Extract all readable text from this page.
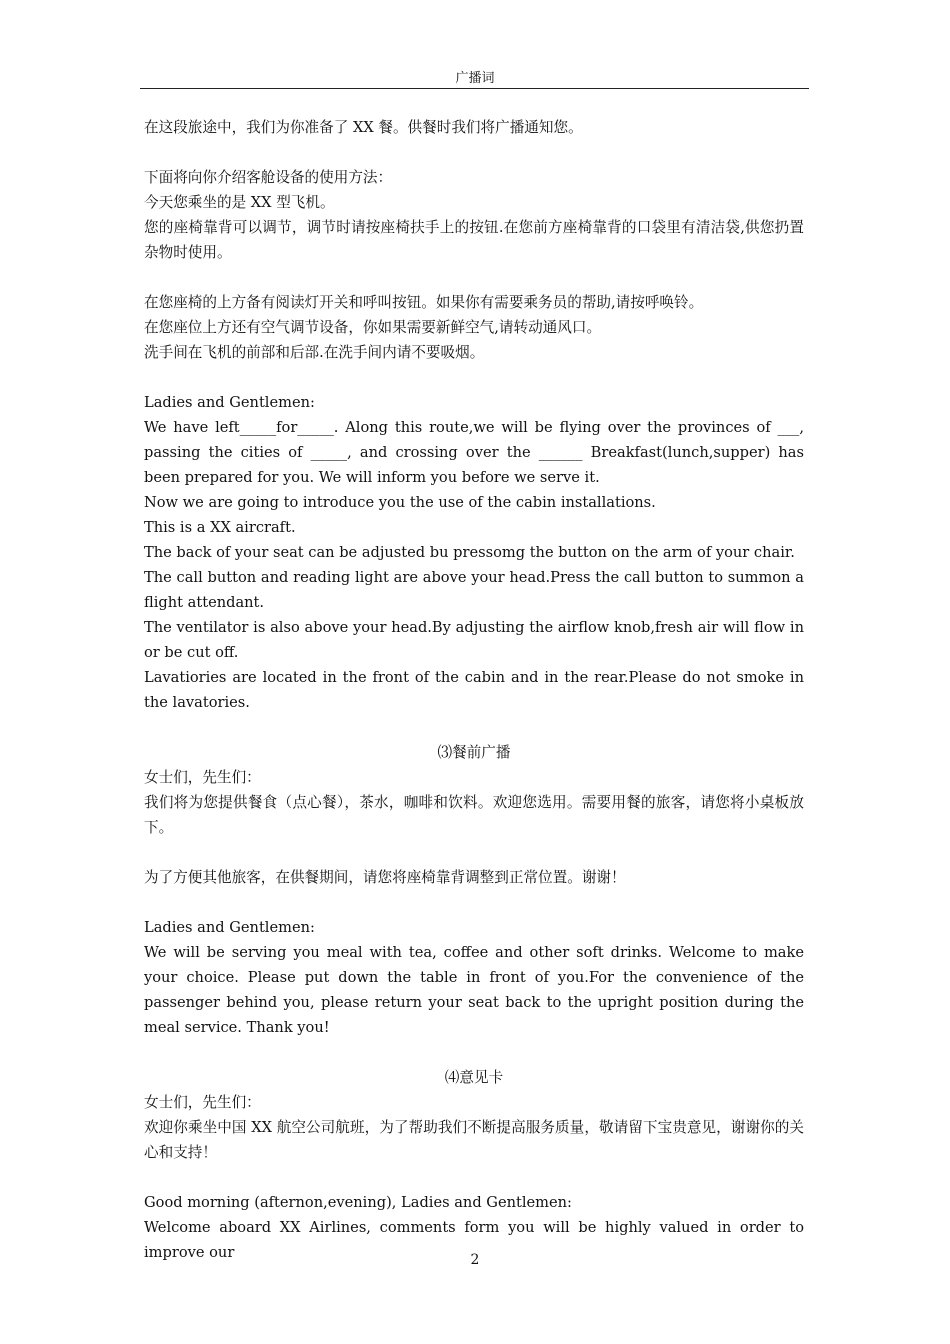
广播词

在这段旅途中，我们为你准备了 XX 餐。供餐时我们将广播通知您。

下面将向你介绍客舱设备的使用方法：

今天您乘坐的是 XX 型飞机。

您的座椅靠背可以调节，调节时请按座椅扶手上的按钮.在您前方座椅靠背的口袋里有清洁袋,供您扔置杂物时使用。

在您座椅的上方备有阅读灯开关和呼叫按钮。如果你有需要乘务员的帮助,请按呼唤铃。

在您座位上方还有空气调节设备，你如果需要新鲜空气,请转动通风口。

洗手间在飞机的前部和后部.在洗手间内请不要吸烟。

Ladies and Gentlemen:

We have left_____for_____. Along this route,we will be flying over the provinces of ___, passing the cities of _____, and crossing over the ______ Breakfast(lunch,supper) has been prepared for you. We will inform you before we serve it.

Now we are going to introduce you the use of the cabin installations.

This is a XX aircraft.

The back of your seat can be adjusted bu pressomg the button on the arm of your chair.

The call button and reading light are above your head.Press the call button to summon a flight attendant.

The ventilator is also above your head.By adjusting the airflow knob,fresh air will flow in or be cut off.

Lavatiories are located in the front of the cabin and in the rear.Please do not smoke in the lavatories.

⑶餐前广播

女士们，先生们：

我们将为您提供餐食（点心餐），茶水，咖啡和饮料。欢迎您选用。需要用餐的旅客，请您将小桌板放下。

为了方便其他旅客，在供餐期间，请您将座椅靠背调整到正常位置。谢谢！

Ladies and Gentlemen:

We will be serving you meal with tea, coffee and other soft drinks. Welcome to make your choice. Please put down the table in front of you.For the convenience of the passenger behind you, please return your seat back to the upright position during the meal service. Thank you!

⑷意见卡

女士们，先生们：

欢迎你乘坐中国 XX 航空公司航班，为了帮助我们不断提高服务质量，敬请留下宝贵意见，谢谢你的关心和支持！

Good morning (afternon,evening), Ladies and Gentlemen:

Welcome aboard XX Airlines, comments form you will be highly valued in order to improve our	2
